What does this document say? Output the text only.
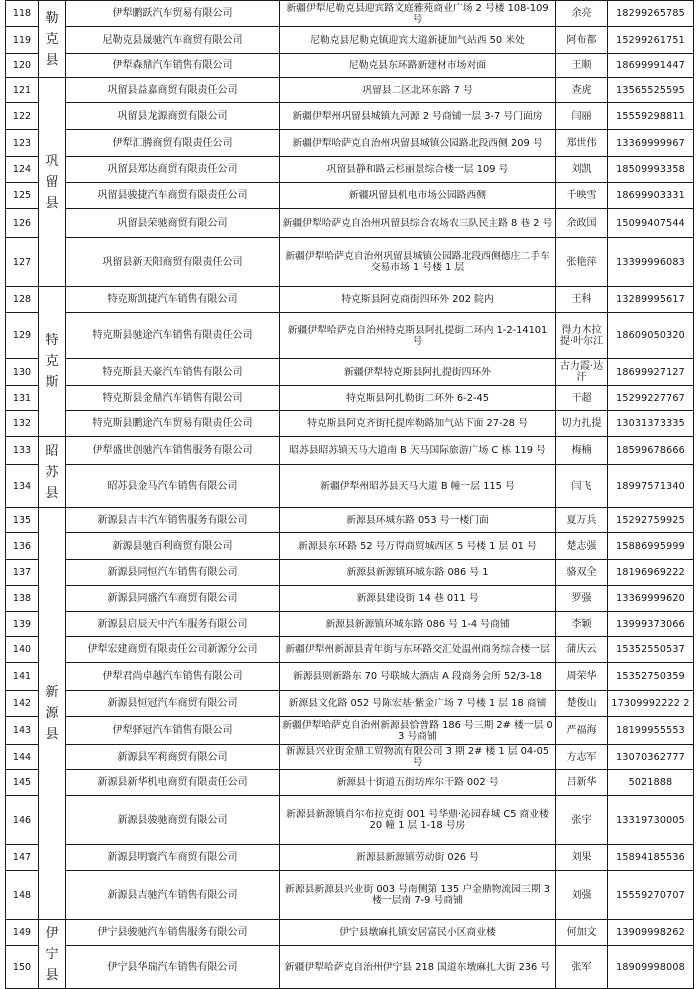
118	勒克县	伊犁鹏跃汽车贸易有限公司	新疆伊犁尼勒克县迎宾路文庭雅苑商业广场 2 号楼 108-109 号	余亮	18299265785
119		尼勒克县晟驰汽车商贸有限公司	尼勒克县尼勒克镇迎宾大道新捷加气站西 50 米处	阿布都	15299261751
120		伊犁森鼎汽车销售有限公司	尼勒克县东环路新建材市场对面	王顺	18699991447
121	巩留县	巩留县益嘉商贸有限责任公司	巩留县二区北环东路 7 号	查虎	13565525595
122		巩留县龙源商贸有限公司	新疆伊犁州巩留县城镇九河源 2 号商铺一层 3-7 号门面房	闫丽	15559298811
123		伊犁汇腾商贸有限责任公司	新疆伊犁哈萨克自治州巩留县城镇公园路北段西侧 209 号	郑世伟	13369999967
124		巩留县郑达商贸有限责任公司	巩留县静和路云杉丽景综合楼一层 109 号	刘凯	18509993358
125		巩留县骏捷汽车商贸有限责任公司	新疆巩留县机电市场公园路西侧	千映雪	18699903331
126		巩留县荣驰商贸有限公司	新疆伊犁哈萨克自治州巩留县综合农场农三队民主路 8 巷 2 号	余政国	15099407544
127		巩留县新天阳商贸有限责任公司	新疆伊犁哈萨克自治州巩留县城镇公园路北段西侧德庄二手车交易市场 1 号楼 1 层	张艳萍	13399996083
128	特克斯	特克斯凯捷汽车销售有限公司	特克斯县阿克商街四环外 202 院内	王科	13289995617
129		特克斯县驰途汽车销售有限责任公司	新疆伊犁哈萨克自治州特克斯县阿扎提街二环内 1-2-14101 号	得力木拉提·叶尔江	18609050320
130		特克斯县天豪汽车销售有限公司	新疆伊犁特克斯县阿扎提街四环外	古力霞·达汗	18699927127
131		特克斯县金鼎汽车销售有限公司	特克斯县阿扎勒街二环外 6-2-45	干超	15299227767
132		特克斯县鹏途汽车贸易有限责任公司	特克斯县阿克齐街托提库勒路加气站下面 27-28 号	切力扎提	13031373335
133	昭苏县	伊犁盛世创驰汽车销售服务有限公司	昭苏县昭苏镇天马大道南 B 天马国际旅游广场 C 栋 119 号	梅楠	18599678666
134		昭苏县金马汽车销售有限公司	新疆伊犁州昭苏县天马大道 B 幢一层 115 号	闫飞	18997571340
135	新源县	新源县吉丰汽车销售服务有限公司	新源县环城东路 053 号一楼门面	夏万兵	15292759925
136		新源县驰百利商贸有限公司	新源县东环路 52 号万得商贸城西区 5 号楼 1 层 01 号	楚志强	15886995999
137		新源县同恒汽车销售有限公司	新源县新源镇环城东路 086 号 1	骆双全	18196969222
138		新源县同盛汽车商贸有限公司	新源县建设街 14 巷 011 号	罗强	13369999620
139		新源县启辰天中汽车服务有限公司	新源县新源镇环城东路 086 号 1-4 号商铺	李颖	13999373066
140		伊犁宏建商贸有限责任公司新源分公司	新疆伊犁州新源县青年街与东环路交汇处温州商务综合楼一层	蒲庆云	15352550537
141		伊犁君尚卓越汽车销售有限公司	新源县则新路东 70 号联城大酒店 A 段商务会所 52/3-18	周荣华	15352750359
142		新源县恒冠汽车商贸有限公司	新源县文化路 052 号陈宏基·紫金广场 7 号楼 1 层 18 商铺	楚俊山	17309992222 2
143		伊犁驿冠汽车销售有限公司	新疆伊犁哈萨克自治州新源县恰普路 186 号三期 2# 楼一层 03 号商铺	严福海	18199955553
144		新源县军莉商贸有限公司	新源县兴业街金鼎工贸物流有限公司 3 期 2# 楼 1 层 04-05 号	方志军	13070362777
145		新源县新华机电商贸有限责任公司	新源县十街道五街坊库尔干路 002 号	吕新华	5021888
146		新源县骏驰商贸有限公司	新源县新源镇肖尔布拉克街 001 号华鼎·沁园春城 C5 商业楼 20 幢 1 层 1-18 号房	张宇	13319730005
147		新源县明寰汽车商贸有限公司	新源县新源镇劳动街 026 号	刘果	15894185536
148		新源县吉驰汽车销售有限公司	新源县新源县兴业街 003 号南侧第 135 户金鼎物流园三期 3 楼一层南 7-9 号商铺	刘强	15559270707
149	伊宁县	伊宁县骏驰汽车销售服务有限公司	伊宁县墩麻扎镇安居富民小区商业楼	何加文	13909998262
150		伊宁县华瑞汽车销售有限公司	新疆伊犁哈萨克自治州伊宁县 218 国道东墩麻扎大街 236 号	张军	18909998008
